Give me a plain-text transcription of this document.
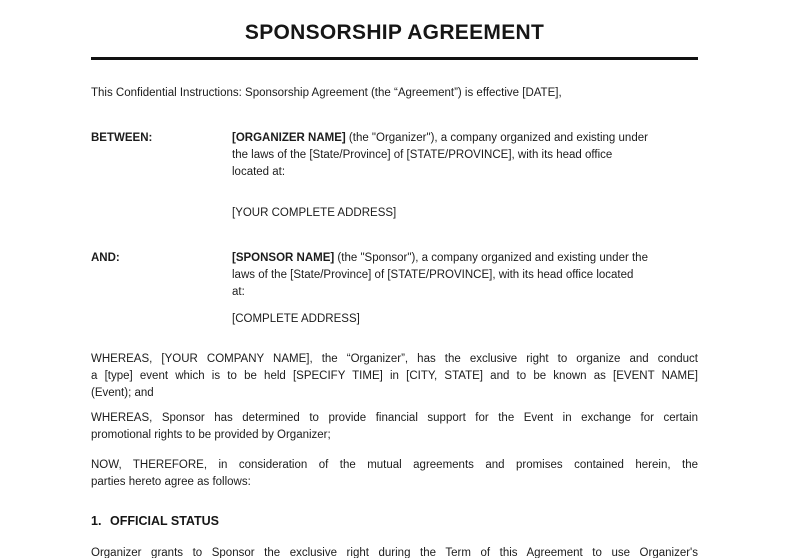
SPONSORSHIP AGREEMENT
This Confidential Instructions: Sponsorship Agreement (the “Agreement”) is effective [DATE],
BETWEEN:	[ORGANIZER NAME] (the "Organizer"), a company organized and existing under
the laws of the [State/Province] of [STATE/PROVINCE], with its head office
located at:
[YOUR COMPLETE ADDRESS]
AND:	[SPONSOR NAME] (the "Sponsor"), a company organized and existing under the
laws of the [State/Province] of [STATE/PROVINCE], with its head office located
at:
[COMPLETE ADDRESS]
WHEREAS, [YOUR COMPANY NAME], the “Organizer”, has the exclusive right to organize and conduct
a [type] event which is to be held [SPECIFY TIME] in [CITY, STATE] and to be known as [EVENT NAME]
(Event); and
WHEREAS, Sponsor has determined to provide financial support for the Event in exchange for certain
promotional rights to be provided by Organizer;
NOW, THEREFORE, in consideration of the mutual agreements and promises contained herein, the
parties hereto agree as follows:
1. OFFICIAL STATUS
Organizer grants to Sponsor the exclusive right during the Term of this Agreement to use Organizer's
